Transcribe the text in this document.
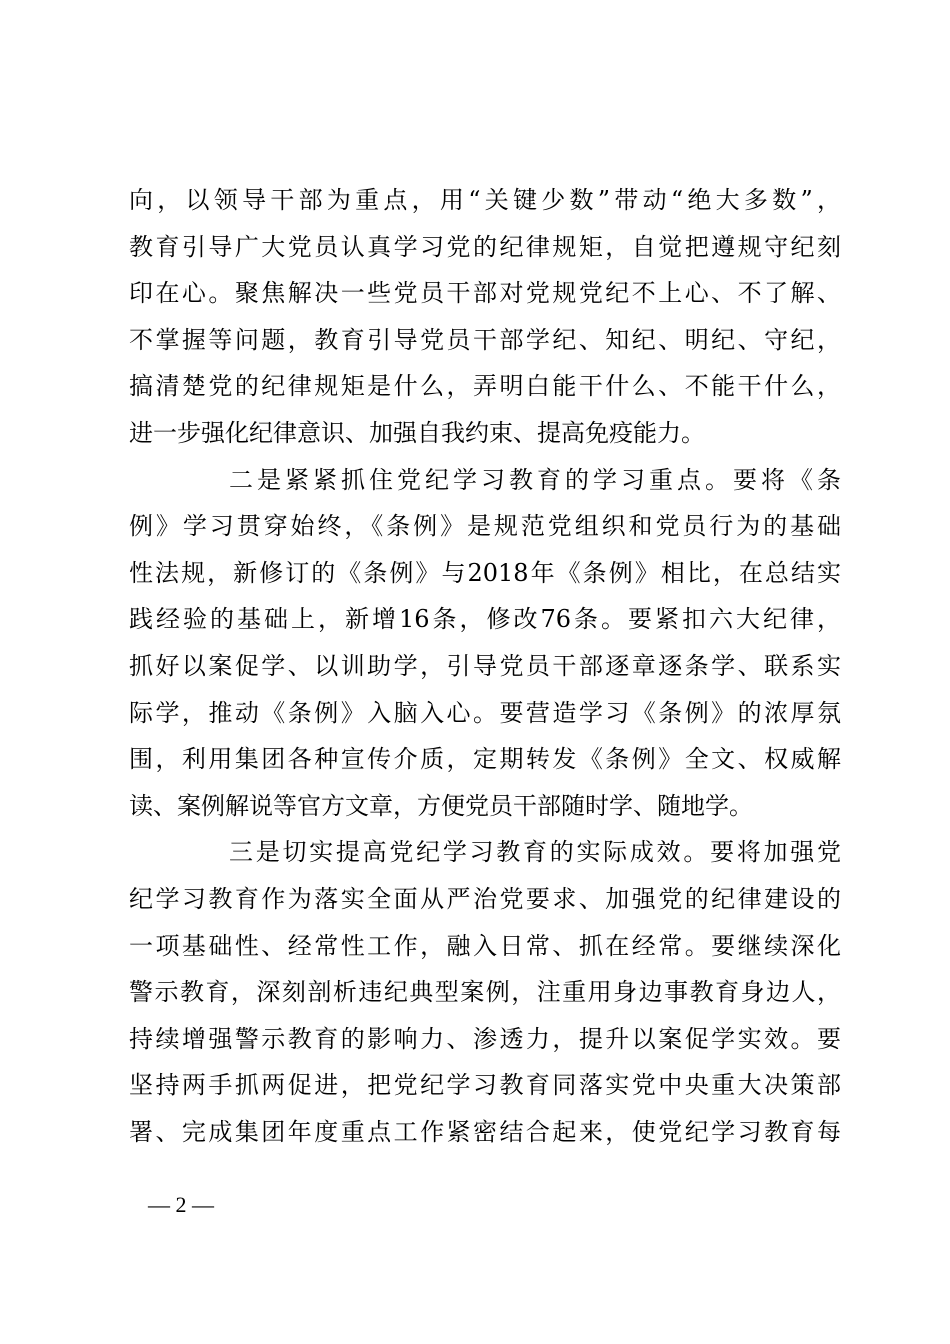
向，以领导干部为重点，用“关键少数”带动“绝大多数”，
教育引导广大党员认真学习党的纪律规矩，自觉把遵规守纪刻
印在心。聚焦解决一些党员干部对党规党纪不上心、不了解、
不掌握等问题，教育引导党员干部学纪、知纪、明纪、守纪，
搞清楚党的纪律规矩是什么，弄明白能干什么、不能干什么，
进一步强化纪律意识、加强自我约束、提高免疫能力。
二是紧紧抓住党纪学习教育的学习重点。要将《条
例》学习贯穿始终，《条例》是规范党组织和党员行为的基础
性法规，新修订的《条例》与2018年《条例》相比，在总结实
践经验的基础上，新增16条，修改76条。要紧扣六大纪律，
抓好以案促学、以训助学，引导党员干部逐章逐条学、联系实
际学，推动《条例》入脑入心。要营造学习《条例》的浓厚氛
围，利用集团各种宣传介质，定期转发《条例》全文、权威解
读、案例解说等官方文章，方便党员干部随时学、随地学。
三是切实提高党纪学习教育的实际成效。要将加强党
纪学习教育作为落实全面从严治党要求、加强党的纪律建设的
一项基础性、经常性工作，融入日常、抓在经常。要继续深化
警示教育，深刻剖析违纪典型案例，注重用身边事教育身边人，
持续增强警示教育的影响力、渗透力，提升以案促学实效。要
坚持两手抓两促进，把党纪学习教育同落实党中央重大决策部
署、完成集团年度重点工作紧密结合起来，使党纪学习教育每
— 2 —
